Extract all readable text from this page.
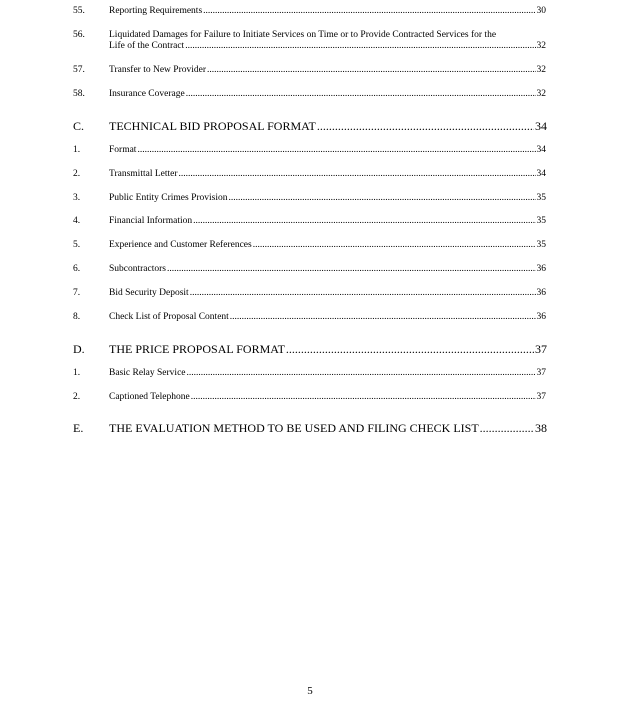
55.	Reporting Requirements .....	30
56.	Liquidated Damages for Failure to Initiate Services on Time or to Provide Contracted Services for the
Life of the Contract .....	32
57.	Transfer to New Provider .....	32
58.	Insurance Coverage .....	32
C. TECHNICAL BID PROPOSAL FORMAT .....	34
1.	Format .....	34
2.	Transmittal Letter .....	34
3.	Public Entity Crimes Provision .....	35
4.	Financial Information .....	35
5.	Experience and Customer References .....	35
6.	Subcontractors .....	36
7.	Bid Security Deposit .....	36
8.	Check List of Proposal Content .....	36
D. THE PRICE PROPOSAL FORMAT .....	37
1.	Basic Relay Service .....	37
2.	Captioned Telephone .....	37
E. THE EVALUATION METHOD TO BE USED AND FILING CHECK LIST .....	38
5
